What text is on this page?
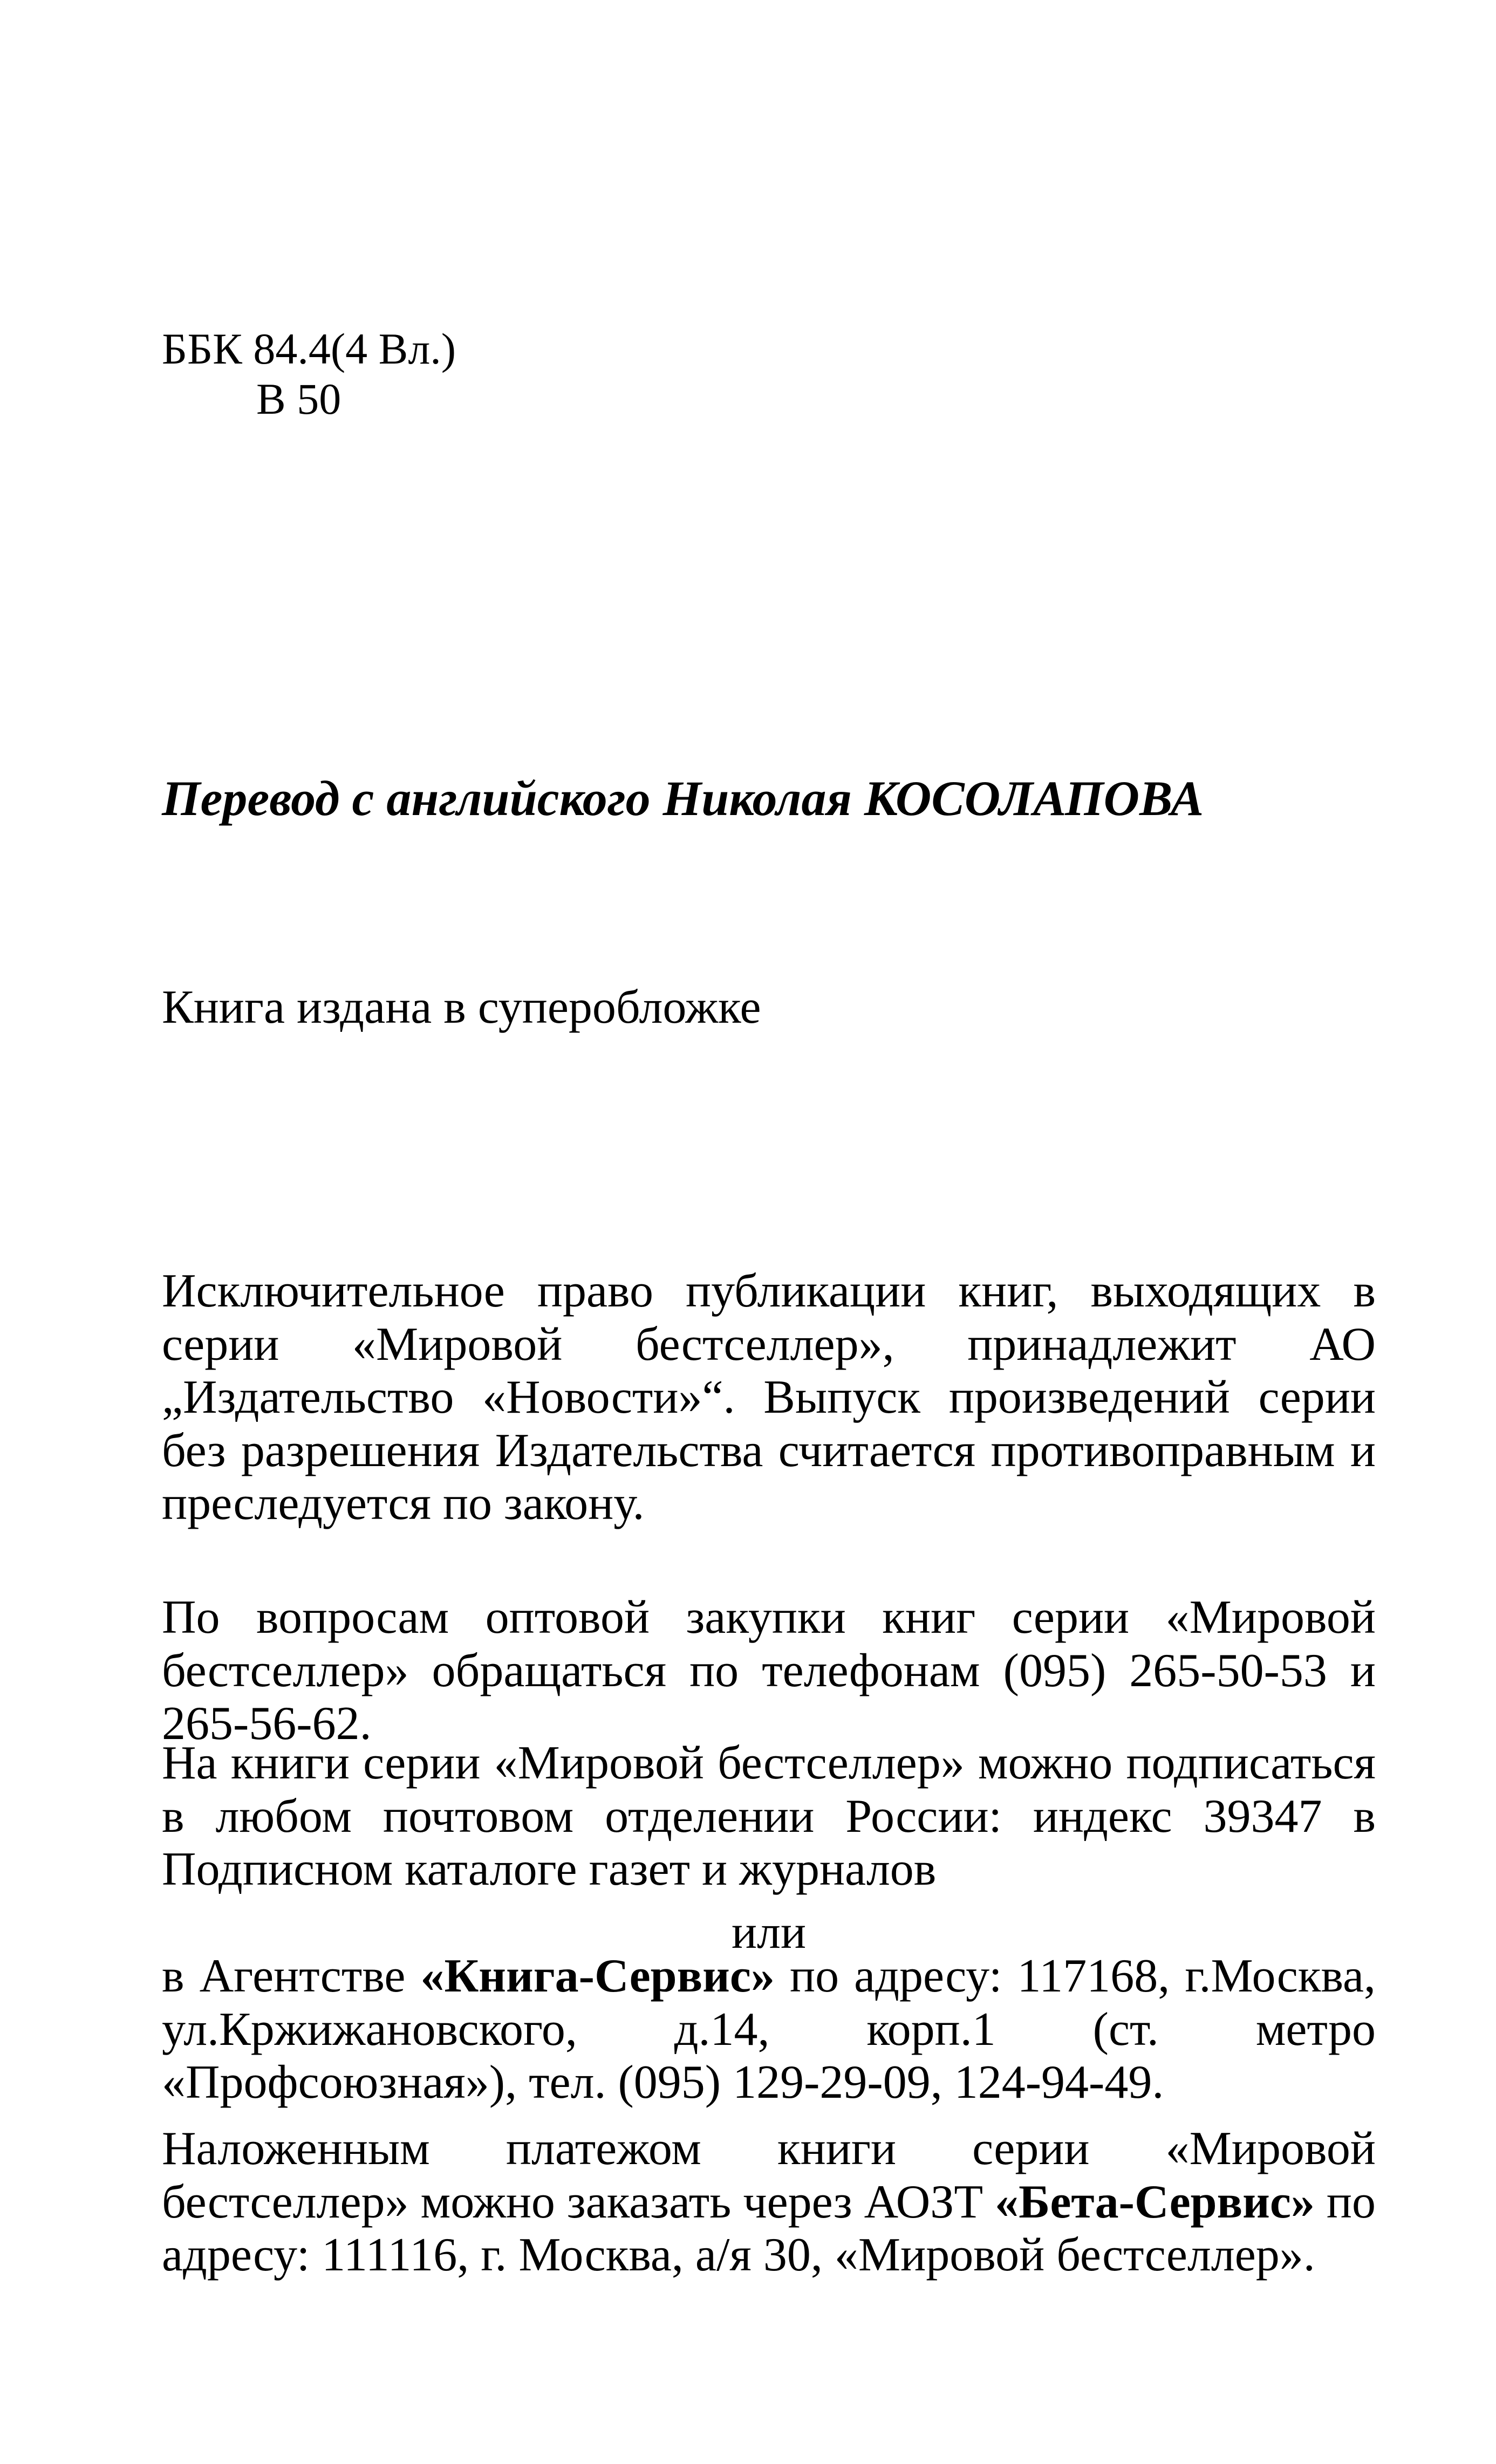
ББК 84.4(4 Вл.)
В 50
Перевод с английского Николая КОСОЛАПОВА
Книга издана в суперобложке
Исключительное право публикации книг, выходящих в серии «Мировой бестселлер», принадлежит АО „Издательство «Новости»“. Выпуск произведений серии без разрешения Издательства считается противоправным и преследуется по закону.
По вопросам оптовой закупки книг серии «Мировой бестселлер» обращаться по телефонам (095) 265-50-53 и 265-56-62.
На книги серии «Мировой бестселлер» можно подписаться в любом почтовом отделении России: индекс 39347 в Подписном каталоге газет и журналов
или
в Агентстве «Книга-Сервис» по адресу: 117168, г.Москва, ул.Кржижановского, д.14, корп.1 (ст. метро «Профсоюзная»), тел. (095) 129-29-09, 124-94-49.
Наложенным платежом книги серии «Мировой бестселлер» можно заказать через АОЗТ «Бета-Сервис» по адресу: 111116, г. Москва, а/я 30, «Мировой бестселлер».
